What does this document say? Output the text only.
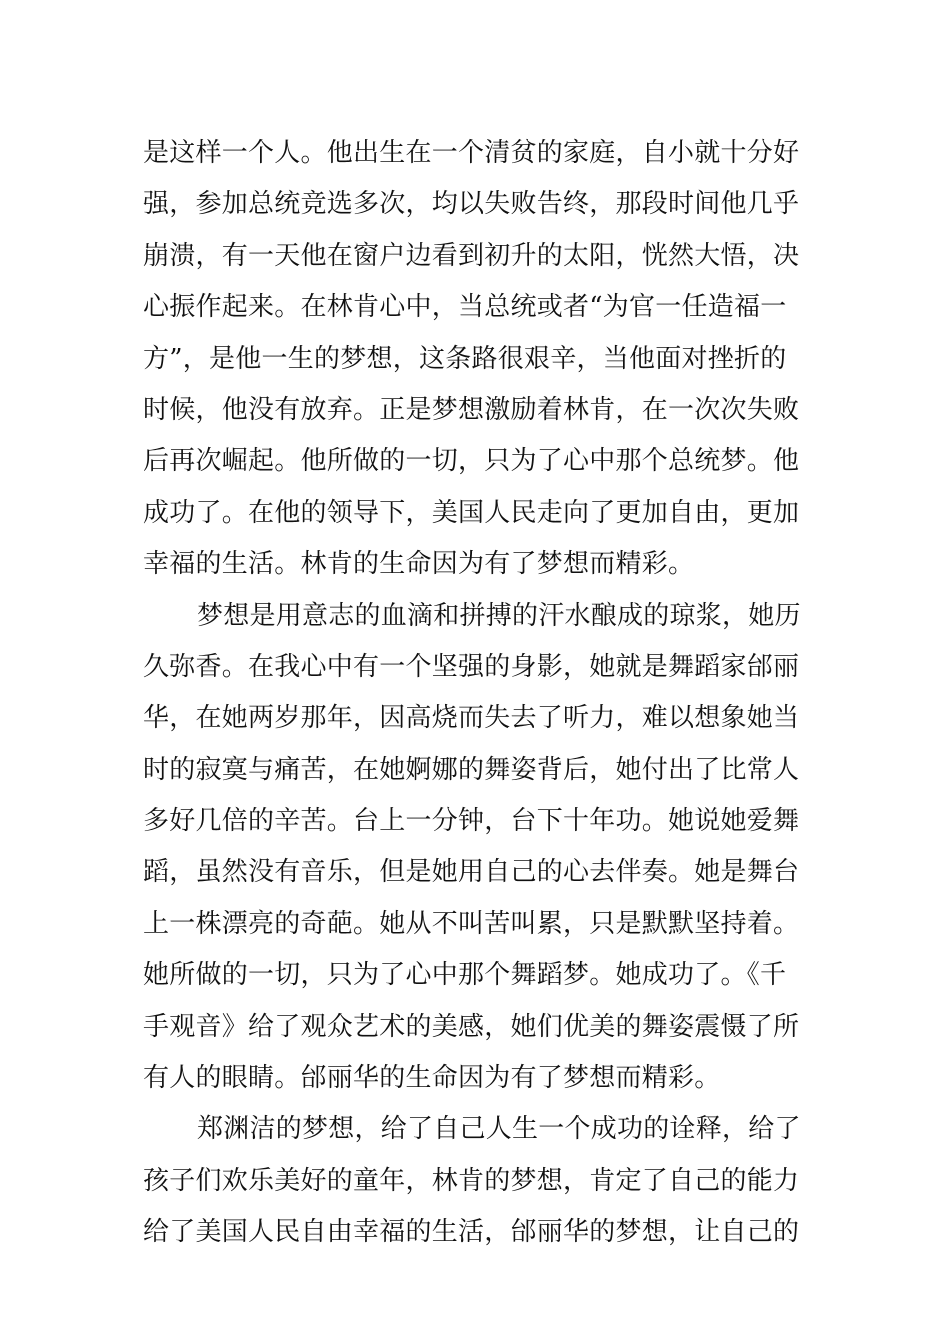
是这样一个人。他出生在一个清贫的家庭，自小就十分好
强，参加总统竞选多次，均以失败告终，那段时间他几乎
崩溃，有一天他在窗户边看到初升的太阳，恍然大悟，决
心振作起来。在林肯心中，当总统或者“为官一任造福一
方”，是他一生的梦想，这条路很艰辛，当他面对挫折的
时候，他没有放弃。正是梦想激励着林肯，在一次次失败
后再次崛起。他所做的一切，只为了心中那个总统梦。他
成功了。在他的领导下，美国人民走向了更加自由，更加
幸福的生活。林肯的生命因为有了梦想而精彩。
梦想是用意志的血滴和拼搏的汗水酿成的琼浆，她历
久弥香。在我心中有一个坚强的身影，她就是舞蹈家邰丽
华，在她两岁那年，因高烧而失去了听力，难以想象她当
时的寂寞与痛苦，在她婀娜的舞姿背后，她付出了比常人
多好几倍的辛苦。台上一分钟，台下十年功。她说她爱舞
蹈，虽然没有音乐，但是她用自己的心去伴奏。她是舞台
上一株漂亮的奇葩。她从不叫苦叫累，只是默默坚持着。
她所做的一切，只为了心中那个舞蹈梦。她成功了。《千
手观音》给了观众艺术的美感，她们优美的舞姿震慑了所
有人的眼睛。邰丽华的生命因为有了梦想而精彩。
郑渊洁的梦想，给了自己人生一个成功的诠释，给了
孩子们欢乐美好的童年，林肯的梦想，肯定了自己的能力
给了美国人民自由幸福的生活，邰丽华的梦想，让自己的
